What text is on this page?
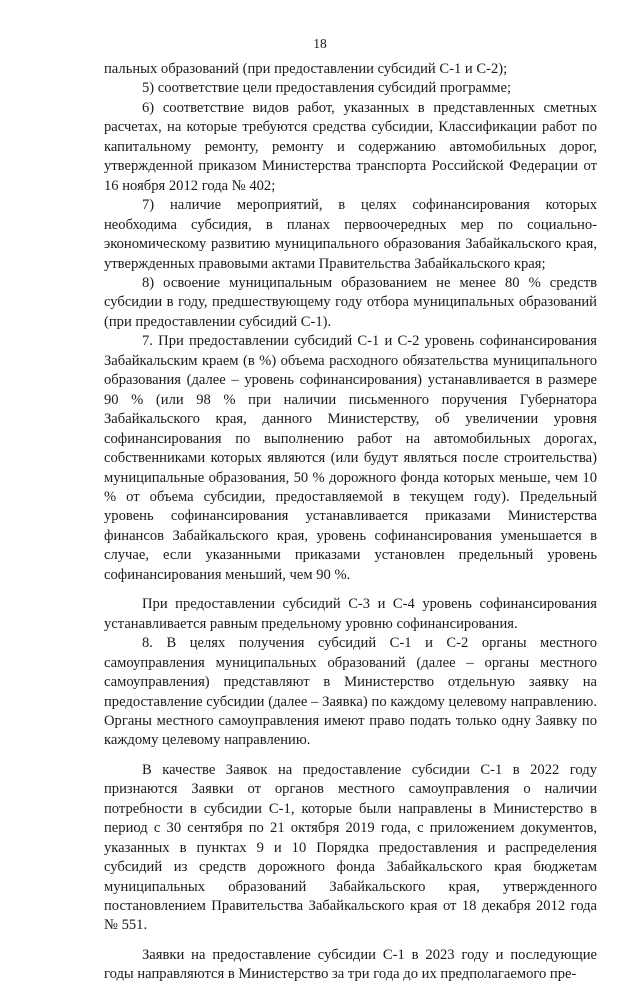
18

пальных образований (при предоставлении субсидий С-1 и С-2);

5) соответствие цели предоставления субсидий программе;

6) соответствие видов работ, указанных в представленных сметных расчетах, на которые требуются средства субсидии, Классификации работ по капитальному ремонту, ремонту и содержанию автомобильных дорог, утвержденной приказом Министерства транспорта Российской Федерации от 16 ноября 2012 года № 402;

7) наличие мероприятий, в целях софинансирования которых необходима субсидия, в планах первоочередных мер по социально-экономическому развитию муниципального образования Забайкальского края, утвержденных правовыми актами Правительства Забайкальского края;

8) освоение муниципальным образованием не менее 80 % средств субсидии в году, предшествующему году отбора муниципальных образований (при предоставлении субсидий С-1).

7. При предоставлении субсидий С-1 и С-2 уровень софинансирования Забайкальским краем (в %) объема расходного обязательства муниципального образования (далее – уровень софинансирования) устанавливается в размере 90 % (или 98 % при наличии письменного поручения Губернатора Забайкальского края, данного Министерству, об увеличении уровня софинансирования по выполнению работ на автомобильных дорогах, собственниками которых являются (или будут являться после строительства) муниципальные образования, 50 % дорожного фонда которых меньше, чем 10 % от объема субсидии, предоставляемой в текущем году). Предельный уровень софинансирования устанавливается приказами Министерства финансов Забайкальского края, уровень софинансирования уменьшается в случае, если указанными приказами установлен предельный уровень софинансирования меньший, чем 90 %.

При предоставлении субсидий С-3 и С-4 уровень софинансирования устанавливается равным предельному уровню софинансирования.

8. В целях получения субсидий С-1 и С-2 органы местного самоуправления муниципальных образований (далее – органы местного самоуправления) представляют в Министерство отдельную заявку на предоставление субсидии (далее – Заявка) по каждому целевому направлению. Органы местного самоуправления имеют право подать только одну Заявку по каждому целевому направлению.

В качестве Заявок на предоставление субсидии С-1 в 2022 году признаются Заявки от органов местного самоуправления о наличии потребности в субсидии С-1, которые были направлены в Министерство в период с 30 сентября по 21 октября 2019 года, с приложением документов, указанных в пунктах 9 и 10 Порядка предоставления и распределения субсидий из средств дорожного фонда Забайкальского края бюджетам муниципальных образований Забайкальского края, утвержденного постановлением Правительства Забайкальского края от 18 декабря 2012 года № 551.

Заявки на предоставление субсидии С-1 в 2023 году и последующие годы направляются в Министерство за три года до их предполагаемого пре-
